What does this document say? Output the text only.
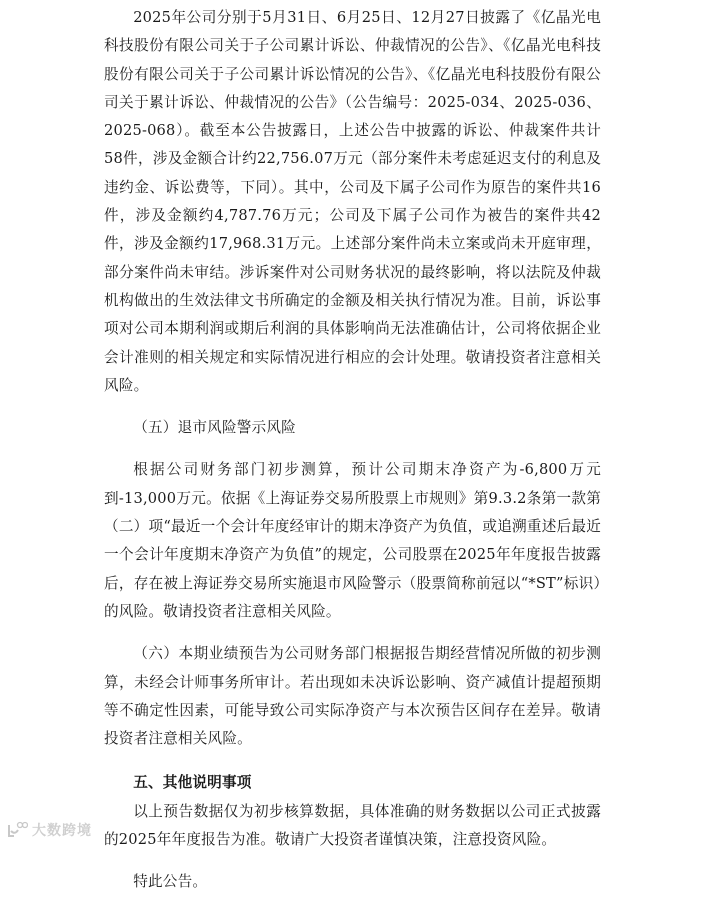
2025年公司分别于5月31日、6月25日、12月27日披露了《亿晶光电科技股份有限公司关于子公司累计诉讼、仲裁情况的公告》、《亿晶光电科技股份有限公司关于子公司累计诉讼情况的公告》、《亿晶光电科技股份有限公司关于累计诉讼、仲裁情况的公告》（公告编号：2025-034、2025-036、2025-068）。截至本公告披露日，上述公告中披露的诉讼、仲裁案件共计58件，涉及金额合计约22,756.07万元（部分案件未考虑延迟支付的利息及违约金、诉讼费等，下同）。其中，公司及下属子公司作为原告的案件共16 件，涉及金额约4,787.76万元；公司及下属子公司作为被告的案件共42件，涉及金额约17,968.31万元。上述部分案件尚未立案或尚未开庭审理，部分案件尚未审结。涉诉案件对公司财务状况的最终影响，将以法院及仲裁机构做出的生效法律文书所确定的金额及相关执行情况为准。目前，诉讼事项对公司本期利润或期后利润的具体影响尚无法准确估计，公司将依据企业会计准则的相关规定和实际情况进行相应的会计处理。敬请投资者注意相关风险。

（五）退市风险警示风险

根据公司财务部门初步测算，预计公司期末净资产为-6,800万元到-13,000万元。依据《上海证券交易所股票上市规则》第9.3.2条第一款第（二）项“最近一个会计年度经审计的期末净资产为负值，或追溯重述后最近一个会计年度期末净资产为负值”的规定，公司股票在2025年年度报告披露后，存在被上海证券交易所实施退市风险警示（股票简称前冠以“*ST”标识）的风险。敬请投资者注意相关风险。

（六）本期业绩预告为公司财务部门根据报告期经营情况所做的初步测算，未经会计师事务所审计。若出现如未决诉讼影响、资产减值计提超预期等不确定性因素，可能导致公司实际净资产与本次预告区间存在差异。敬请投资者注意相关风险。

五、其他说明事项

以上预告数据仅为初步核算数据，具体准确的财务数据以公司正式披露的2025年年度报告为准。敬请广大投资者谨慎决策，注意投资风险。

特此公告。

大数跨境
